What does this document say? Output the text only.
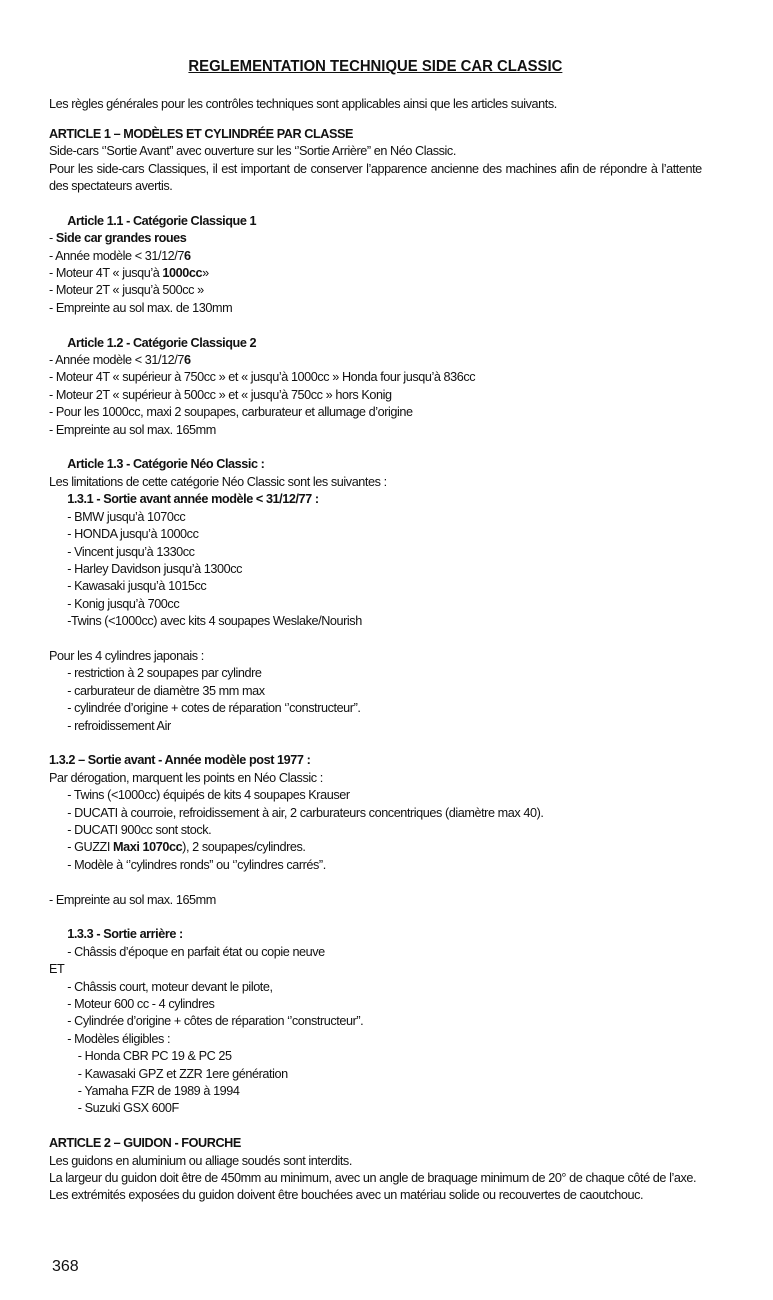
REGLEMENTATION TECHNIQUE SIDE CAR CLASSIC

Les règles générales pour les contrôles techniques sont applicables ainsi que les articles suivants.

ARTICLE 1 – MODÈLES ET CYLINDRÉE PAR CLASSE

Side-cars ‘’Sortie Avant” avec ouverture sur les ‘’Sortie Arrière” en Néo Classic.

Pour les side-cars Classiques, il est important de conserver l’apparence ancienne des machines afin de répondre à l’attente des spectateurs avertis.

Article 1.1 - Catégorie Classique 1

- Side car grandes roues

- Année modèle < 31/12/76

- Moteur 4T « jusqu’à 1000cc»

- Moteur 2T « jusqu’à 500cc »

- Empreinte au sol max. de 130mm

Article 1.2 - Catégorie Classique 2

- Année modèle < 31/12/76

- Moteur 4T « supérieur à 750cc » et « jusqu’à 1000cc » Honda four jusqu’à 836cc

- Moteur 2T « supérieur à 500cc » et « jusqu’à 750cc » hors Konig

- Pour les 1000cc, maxi 2 soupapes, carburateur et allumage d’origine

- Empreinte au sol max. 165mm

Article 1.3 - Catégorie Néo Classic :

Les limitations de cette catégorie Néo Classic sont les suivantes :

1.3.1 - Sortie avant année modèle < 31/12/77 :

- BMW jusqu’à 1070cc

- HONDA jusqu’à 1000cc

- Vincent jusqu’à 1330cc

- Harley Davidson jusqu’à 1300cc

- Kawasaki jusqu’à 1015cc

- Konig jusqu’à 700cc

-Twins (<1000cc) avec kits 4 soupapes Weslake/Nourish

Pour les 4 cylindres japonais :

- restriction à 2 soupapes par cylindre

- carburateur de diamètre 35 mm max

- cylindrée d’origine + cotes de réparation ‘’constructeur”.

- refroidissement Air

1.3.2 – Sortie avant - Année modèle post 1977 :

Par dérogation, marquent les points en Néo Classic :

- Twins (<1000cc) équipés de kits 4 soupapes Krauser

- DUCATI à courroie, refroidissement à air, 2 carburateurs concentriques (diamètre max 40).

- DUCATI 900cc sont stock.

- GUZZI Maxi 1070cc), 2 soupapes/cylindres.

- Modèle à ‘’cylindres ronds” ou ‘’cylindres carrés”.

- Empreinte au sol max. 165mm

1.3.3 - Sortie arrière :

- Châssis d’époque en parfait état ou copie neuve

ET

- Châssis court, moteur devant le pilote,

- Moteur 600 cc - 4 cylindres

- Cylindrée d’origine + côtes de réparation ‘’constructeur”.

- Modèles éligibles :

- Honda CBR PC 19 & PC 25

- Kawasaki GPZ et ZZR 1ere génération

- Yamaha FZR de 1989 à 1994

- Suzuki GSX 600F

ARTICLE 2 – GUIDON - FOURCHE

Les guidons en aluminium ou alliage soudés sont interdits.

La largeur du guidon doit être de 450mm au minimum, avec un angle de braquage minimum de 20° de chaque côté de l’axe.

Les extrémités exposées du guidon doivent être bouchées avec un matériau solide ou recouvertes de caoutchouc.

368
